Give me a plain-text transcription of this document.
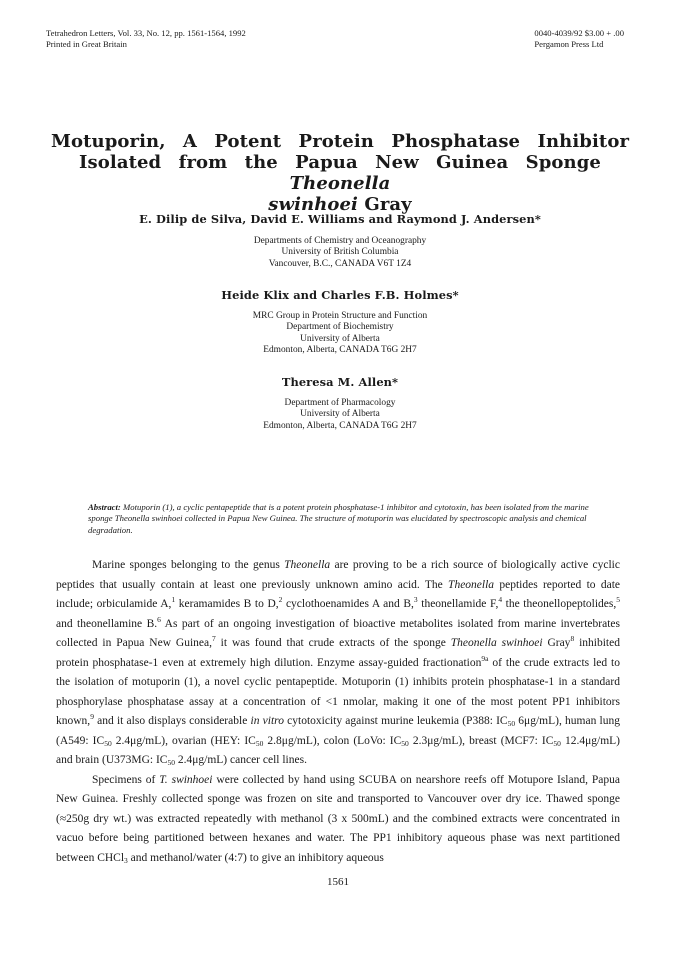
Tetrahedron Letters, Vol. 33, No. 12, pp. 1561-1564, 1992
Printed in Great Britain
0040-4039/92 $3.00 + .00
Pergamon Press Ltd
Motuporin, A Potent Protein Phosphatase Inhibitor
Isolated from the Papua New Guinea Sponge Theonella
swinhoei Gray
E. Dilip de Silva, David E. Williams and Raymond J. Andersen*
Departments of Chemistry and Oceanography
University of British Columbia
Vancouver, B.C., CANADA V6T 1Z4
Heide Klix and Charles F.B. Holmes*
MRC Group in Protein Structure and Function
Department of Biochemistry
University of Alberta
Edmonton, Alberta, CANADA T6G 2H7
Theresa M. Allen*
Department of Pharmacology
University of Alberta
Edmonton, Alberta, CANADA T6G 2H7
Abstract: Motuporin (1), a cyclic pentapeptide that is a potent protein phosphatase-1 inhibitor and cytotoxin, has been isolated from the marine sponge Theonella swinhoei collected in Papua New Guinea. The structure of motuporin was elucidated by spectroscopic analysis and chemical degradation.

Marine sponges belonging to the genus Theonella are proving to be a rich source of biologically active cyclic peptides that usually contain at least one previously unknown amino acid. The Theonella peptides reported to date include; orbiculamide A,$^1$ keramamides B to D,$^2$ cyclothoenamides A and B,$^3$ theonellamide F,$^4$ the theonellopeptolides,$^5$ and theonellamine B.$^6$ As part of an ongoing investigation of bioactive metabolites isolated from marine invertebrates collected in Papua New Guinea,$^7$ it was found that crude extracts of the sponge Theonella swinhoei Gray$^8$ inhibited protein phosphatase-1 even at extremely high dilution. Enzyme assay-guided fractionation$^{9a}$ of the crude extracts led to the isolation of motuporin (1), a novel cyclic pentapeptide. Motuporin (1) inhibits protein phosphatase-1 in a standard phosphorylase phosphatase assay at a concentration of <1 nmolar, making it one of the most potent PP1 inhibitors known,$^9$ and it also displays considerable in vitro cytotoxicity against murine leukemia (P388: $IC_{50}$ 6μg/mL), human lung (A549: $IC_{50}$ 2.4μg/mL), ovarian (HEY: $IC_{50}$ 2.8μg/mL), colon (LoVo: $IC_{50}$ 2.3μg/mL), breast (MCF7: $IC_{50}$ 12.4μg/mL) and brain (U373MG: $IC_{50}$ 2.4μg/mL) cancer cell lines.

Specimens of T. swinhoei were collected by hand using SCUBA on nearshore reefs off Motupore Island, Papua New Guinea. Freshly collected sponge was frozen on site and transported to Vancouver over dry ice. Thawed sponge (≈250g dry wt.) was extracted repeatedly with methanol (3 x 500mL) and the combined extracts were concentrated in vacuo before being partitioned between hexanes and water. The PP1 inhibitory aqueous phase was next partitioned between CHCl$_3$ and methanol/water (4:7) to give an inhibitory aqueous

1561
